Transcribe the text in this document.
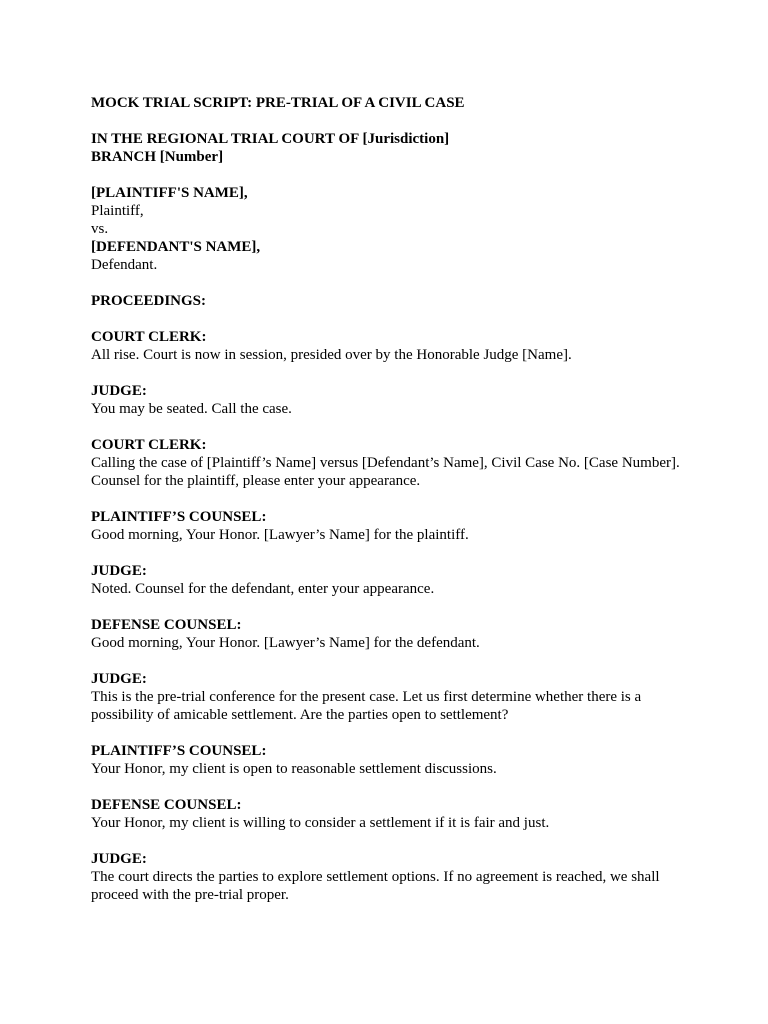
MOCK TRIAL SCRIPT: PRE-TRIAL OF A CIVIL CASE
IN THE REGIONAL TRIAL COURT OF [Jurisdiction]
BRANCH [Number]
[PLAINTIFF'S NAME],
Plaintiff,
vs.
[DEFENDANT'S NAME],
Defendant.
PROCEEDINGS:
COURT CLERK:
All rise. Court is now in session, presided over by the Honorable Judge [Name].
JUDGE:
You may be seated. Call the case.
COURT CLERK:
Calling the case of [Plaintiff’s Name] versus [Defendant’s Name], Civil Case No. [Case Number]. Counsel for the plaintiff, please enter your appearance.
PLAINTIFF’S COUNSEL:
Good morning, Your Honor. [Lawyer’s Name] for the plaintiff.
JUDGE:
Noted. Counsel for the defendant, enter your appearance.
DEFENSE COUNSEL:
Good morning, Your Honor. [Lawyer’s Name] for the defendant.
JUDGE:
This is the pre-trial conference for the present case. Let us first determine whether there is a possibility of amicable settlement. Are the parties open to settlement?
PLAINTIFF’S COUNSEL:
Your Honor, my client is open to reasonable settlement discussions.
DEFENSE COUNSEL:
Your Honor, my client is willing to consider a settlement if it is fair and just.
JUDGE:
The court directs the parties to explore settlement options. If no agreement is reached, we shall proceed with the pre-trial proper.
